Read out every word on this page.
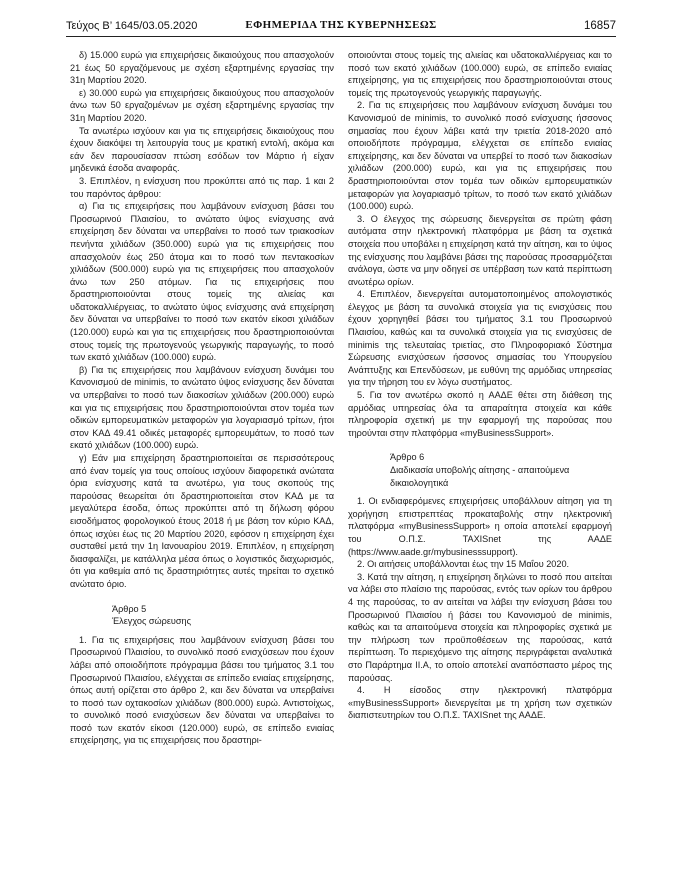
Τεύχος B’ 1645/03.05.2020	ΕΦΗΜΕΡΙΔΑ ΤΗΣ ΚΥΒΕΡΝΗΣΕΩΣ	16857

δ) 15.000 ευρώ για επιχειρήσεις δικαιούχους που απασχολούν 21 έως 50 εργαζόμενους με σχέση εξαρτημένης εργασίας την 31η Μαρτίου 2020.

ε) 30.000 ευρώ για επιχειρήσεις δικαιούχους που απασχολούν άνω των 50 εργαζομένων με σχέση εξαρτημένης εργασίας την 31η Μαρτίου 2020.

Τα ανωτέρω ισχύουν και για τις επιχειρήσεις δικαιούχους που έχουν διακόψει τη λειτουργία τους με κρατική εντολή, ακόμα και εάν δεν παρουσίασαν πτώση εσόδων τον Μάρτιο ή είχαν μηδενικά έσοδα αναφοράς.

3. Επιπλέον, η ενίσχυση που προκύπτει από τις παρ. 1 και 2 του παρόντος άρθρου:

α) Για τις επιχειρήσεις που λαμβάνουν ενίσχυση βάσει του Προσωρινού Πλαισίου, το ανώτατο ύψος ενίσχυσης ανά επιχείρηση δεν δύναται να υπερβαίνει το ποσό των τριακοσίων πενήντα χιλιάδων (350.000) ευρώ για τις επιχειρήσεις που απασχολούν έως 250 άτομα και το ποσό των πεντακοσίων χιλιάδων (500.000) ευρώ για τις επιχειρήσεις που απασχολούν άνω των 250 ατόμων. Για τις επιχειρήσεις που δραστηριοποιούνται στους τομείς της αλιείας και υδατοκαλλιέργειας, το ανώτατο ύψος ενίσχυσης ανά επιχείρηση δεν δύναται να υπερβαίνει το ποσό των εκατόν είκοσι χιλιάδων (120.000) ευρώ και για τις επιχειρήσεις που δραστηριοποιούνται στους τομείς της πρωτογενούς γεωργικής παραγωγής, το ποσό των εκατό χιλιάδων (100.000) ευρώ.

β) Για τις επιχειρήσεις που λαμβάνουν ενίσχυση δυνάμει του Κανονισμού de minimis, το ανώτατο ύψος ενίσχυσης δεν δύναται να υπερβαίνει το ποσό των διακοσίων χιλιάδων (200.000) ευρώ και για τις επιχειρήσεις που δραστηριοποιούνται στον τομέα των οδικών εμπορευματικών μεταφορών για λογαριασμό τρίτων, ήτοι στον ΚΑΔ 49.41 οδικές μεταφορές εμπορευμάτων, το ποσό των εκατό χιλιάδων (100.000) ευρώ.

γ) Εάν μια επιχείρηση δραστηριοποιείται σε περισσότερους από έναν τομείς για τους οποίους ισχύουν διαφορετικά ανώτατα όρια ενίσχυσης κατά τα ανωτέρω, για τους σκοπούς της παρούσας θεωρείται ότι δραστηριοποιείται στον ΚΑΔ με τα μεγαλύτερα έσοδα, όπως προκύπτει από τη δήλωση φόρου εισοδήματος φορολογικού έτους 2018 ή με βάση τον κύριο ΚΑΔ, όπως ισχύει έως τις 20 Μαρτίου 2020, εφόσον η επιχείρηση έχει συσταθεί μετά την 1η Ιανουαρίου 2019. Επιπλέον, η επιχείρηση διασφαλίζει, με κατάλληλα μέσα όπως ο λογιστικός διαχωρισμός, ότι για καθεμία από τις δραστηριότητες αυτές τηρείται το σχετικό ανώτατο όριο.

Άρθρο 5

Έλεγχος σώρευσης

1. Για τις επιχειρήσεις που λαμβάνουν ενίσχυση βάσει του Προσωρινού Πλαισίου, το συνολικό ποσό ενισχύσεων που έχουν λάβει από οποιοδήποτε πρόγραμμα βάσει του τμήματος 3.1 του Προσωρινού Πλαισίου, ελέγχεται σε επίπεδο ενιαίας επιχείρησης, όπως αυτή ορίζεται στο άρθρο 2, και δεν δύναται να υπερβαίνει το ποσό των οχτακοσίων χιλιάδων (800.000) ευρώ. Αντιστοίχως, το συνολικό ποσό ενισχύσεων δεν δύναται να υπερβαίνει το ποσό των εκατόν είκοσι (120.000) ευρώ, σε επίπεδο ενιαίας επιχείρησης, για τις επιχειρήσεις που δραστηρι-

οποιούνται στους τομείς της αλιείας και υδατοκαλλιέργειας και το ποσό των εκατό χιλιάδων (100.000) ευρώ, σε επίπεδο ενιαίας επιχείρησης, για τις επιχειρήσεις που δραστηριοποιούνται στους τομείς της πρωτογενούς γεωργικής παραγωγής.

2. Για τις επιχειρήσεις που λαμβάνουν ενίσχυση δυνάμει του Κανονισμού de minimis, το συνολικό ποσό ενίσχυσης ήσσονος σημασίας που έχουν λάβει κατά την τριετία 2018-2020 από οποιοδήποτε πρόγραμμα, ελέγχεται σε επίπεδο ενιαίας επιχείρησης, και δεν δύναται να υπερβεί το ποσό των διακοσίων χιλιάδων (200.000) ευρώ, και για τις επιχειρήσεις που δραστηριοποιούνται στον τομέα των οδικών εμπορευματικών μεταφορών για λογαριασμό τρίτων, το ποσό των εκατό χιλιάδων (100.000) ευρώ.

3. Ο έλεγχος της σώρευσης διενεργείται σε πρώτη φάση αυτόματα στην ηλεκτρονική πλατφόρμα με βάση τα σχετικά στοιχεία που υποβάλει η επιχείρηση κατά την αίτηση, και το ύψος της ενίσχυσης που λαμβάνει βάσει της παρούσας προσαρμόζεται ανάλογα, ώστε να μην οδηγεί σε υπέρβαση των κατά περίπτωση ανωτέρω ορίων.

4. Επιπλέον, διενεργείται αυτοματοποιημένος απολογιστικός έλεγχος με βάση τα συνολικά στοιχεία για τις ενισχύσεις που έχουν χορηγηθεί βάσει του τμήματος 3.1 του Προσωρινού Πλαισίου, καθώς και τα συνολικά στοιχεία για τις ενισχύσεις de minimis της τελευταίας τριετίας, στο Πληροφοριακό Σύστημα Σώρευσης ενισχύσεων ήσσονος σημασίας του Υπουργείου Ανάπτυξης και Επενδύσεων, με ευθύνη της αρμόδιας υπηρεσίας για την τήρηση του εν λόγω συστήματος.

5. Για τον ανωτέρω σκοπό η ΑΑΔΕ θέτει στη διάθεση της αρμόδιας υπηρεσίας όλα τα απαραίτητα στοιχεία και κάθε πληροφορία σχετική με την εφαρμογή της παρούσας που τηρούνται στην πλατφόρμα «myBusinessSupport».

Άρθρο 6

Διαδικασία υποβολής αίτησης - απαιτούμενα δικαιολογητικά

1. Οι ενδιαφερόμενες επιχειρήσεις υποβάλλουν αίτηση για τη χορήγηση επιστρεπτέας προκαταβολής στην ηλεκτρονική πλατφόρμα «myBusinessSupport» η οποία αποτελεί εφαρμογή του Ο.Π.Σ. TAXISnet της ΑΑΔΕ (https://www.aade.gr/mybusinesssupport).

2. Οι αιτήσεις υποβάλλονται έως την 15 Μαΐου 2020.

3. Κατά την αίτηση, η επιχείρηση δηλώνει το ποσό που αιτείται να λάβει στο πλαίσιο της παρούσας, εντός των ορίων του άρθρου 4 της παρούσας, το αν αιτείται να λάβει την ενίσχυση βάσει του Προσωρινού Πλαισίου ή βάσει του Κανονισμού de minimis, καθώς και τα απαιτούμενα στοιχεία και πληροφορίες σχετικά με την πλήρωση των προϋποθέσεων της παρούσας, κατά περίπτωση. Το περιεχόμενο της αίτησης περιγράφεται αναλυτικά στο Παράρτημα ΙΙ.Α, το οποίο αποτελεί αναπόσπαστο μέρος της παρούσας.

4. Η είσοδος στην ηλεκτρονική πλατφόρμα «myBusinessSupport» διενεργείται με τη χρήση των σχετικών διαπιστευτηρίων του Ο.Π.Σ. TAXISnet της ΑΑΔΕ.
